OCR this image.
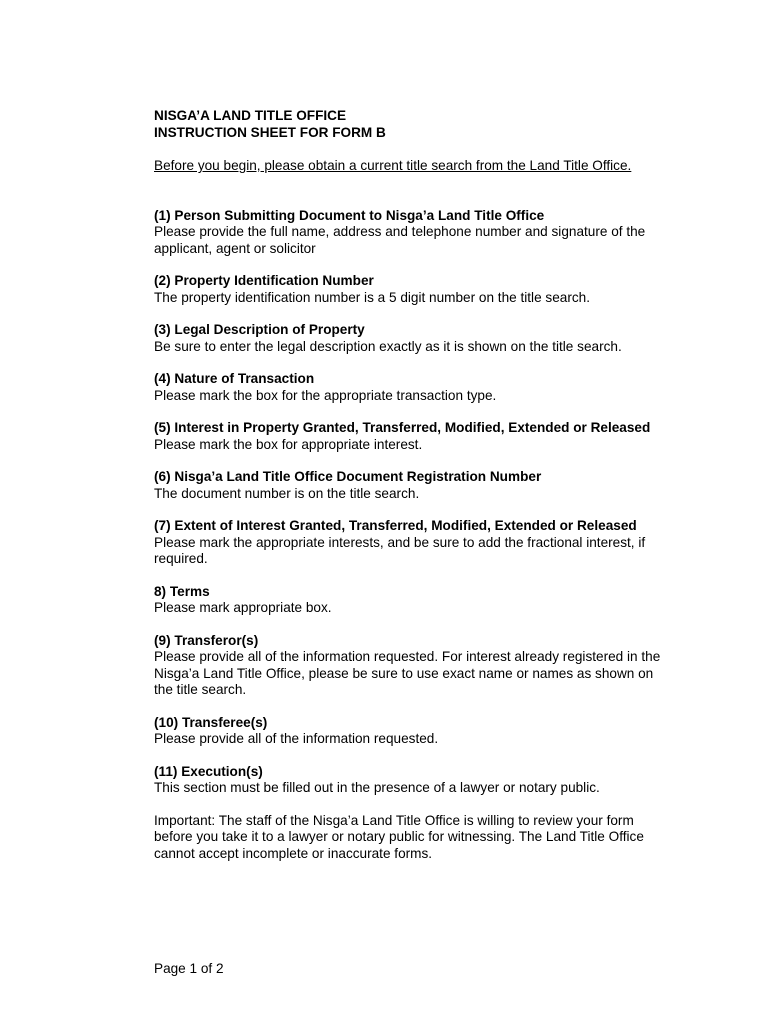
NISGA’A LAND TITLE OFFICE
INSTRUCTION SHEET FOR FORM B
Before you begin, please obtain a current title search from the Land Title Office.
(1) Person Submitting Document to Nisga’a Land Title Office
Please provide the full name, address and telephone number and signature of the applicant, agent or solicitor
(2) Property Identification Number
The property identification number is a 5 digit number on the title search.
(3) Legal Description of Property
Be sure to enter the legal description exactly as it is shown on the title search.
(4) Nature of Transaction
Please mark the box for the appropriate transaction type.
(5) Interest in Property Granted, Transferred, Modified, Extended or Released
Please mark the box for appropriate interest.
(6) Nisga’a Land Title Office Document Registration Number
The document number is on the title search.
(7) Extent of Interest Granted, Transferred, Modified, Extended or Released
Please mark the appropriate interests, and be sure to add the fractional interest, if required.
8) Terms
Please mark appropriate box.
(9) Transferor(s)
Please provide all of the information requested. For interest already registered in the Nisga’a Land Title Office, please be sure to use exact name or names as shown on the title search.
(10) Transferee(s)
Please provide all of the information requested.
(11) Execution(s)
This section must be filled out in the presence of a lawyer or notary public.
Important: The staff of the Nisga’a Land Title Office is willing to review your form before you take it to a lawyer or notary public for witnessing. The Land Title Office cannot accept incomplete or inaccurate forms.
Page 1 of 2
